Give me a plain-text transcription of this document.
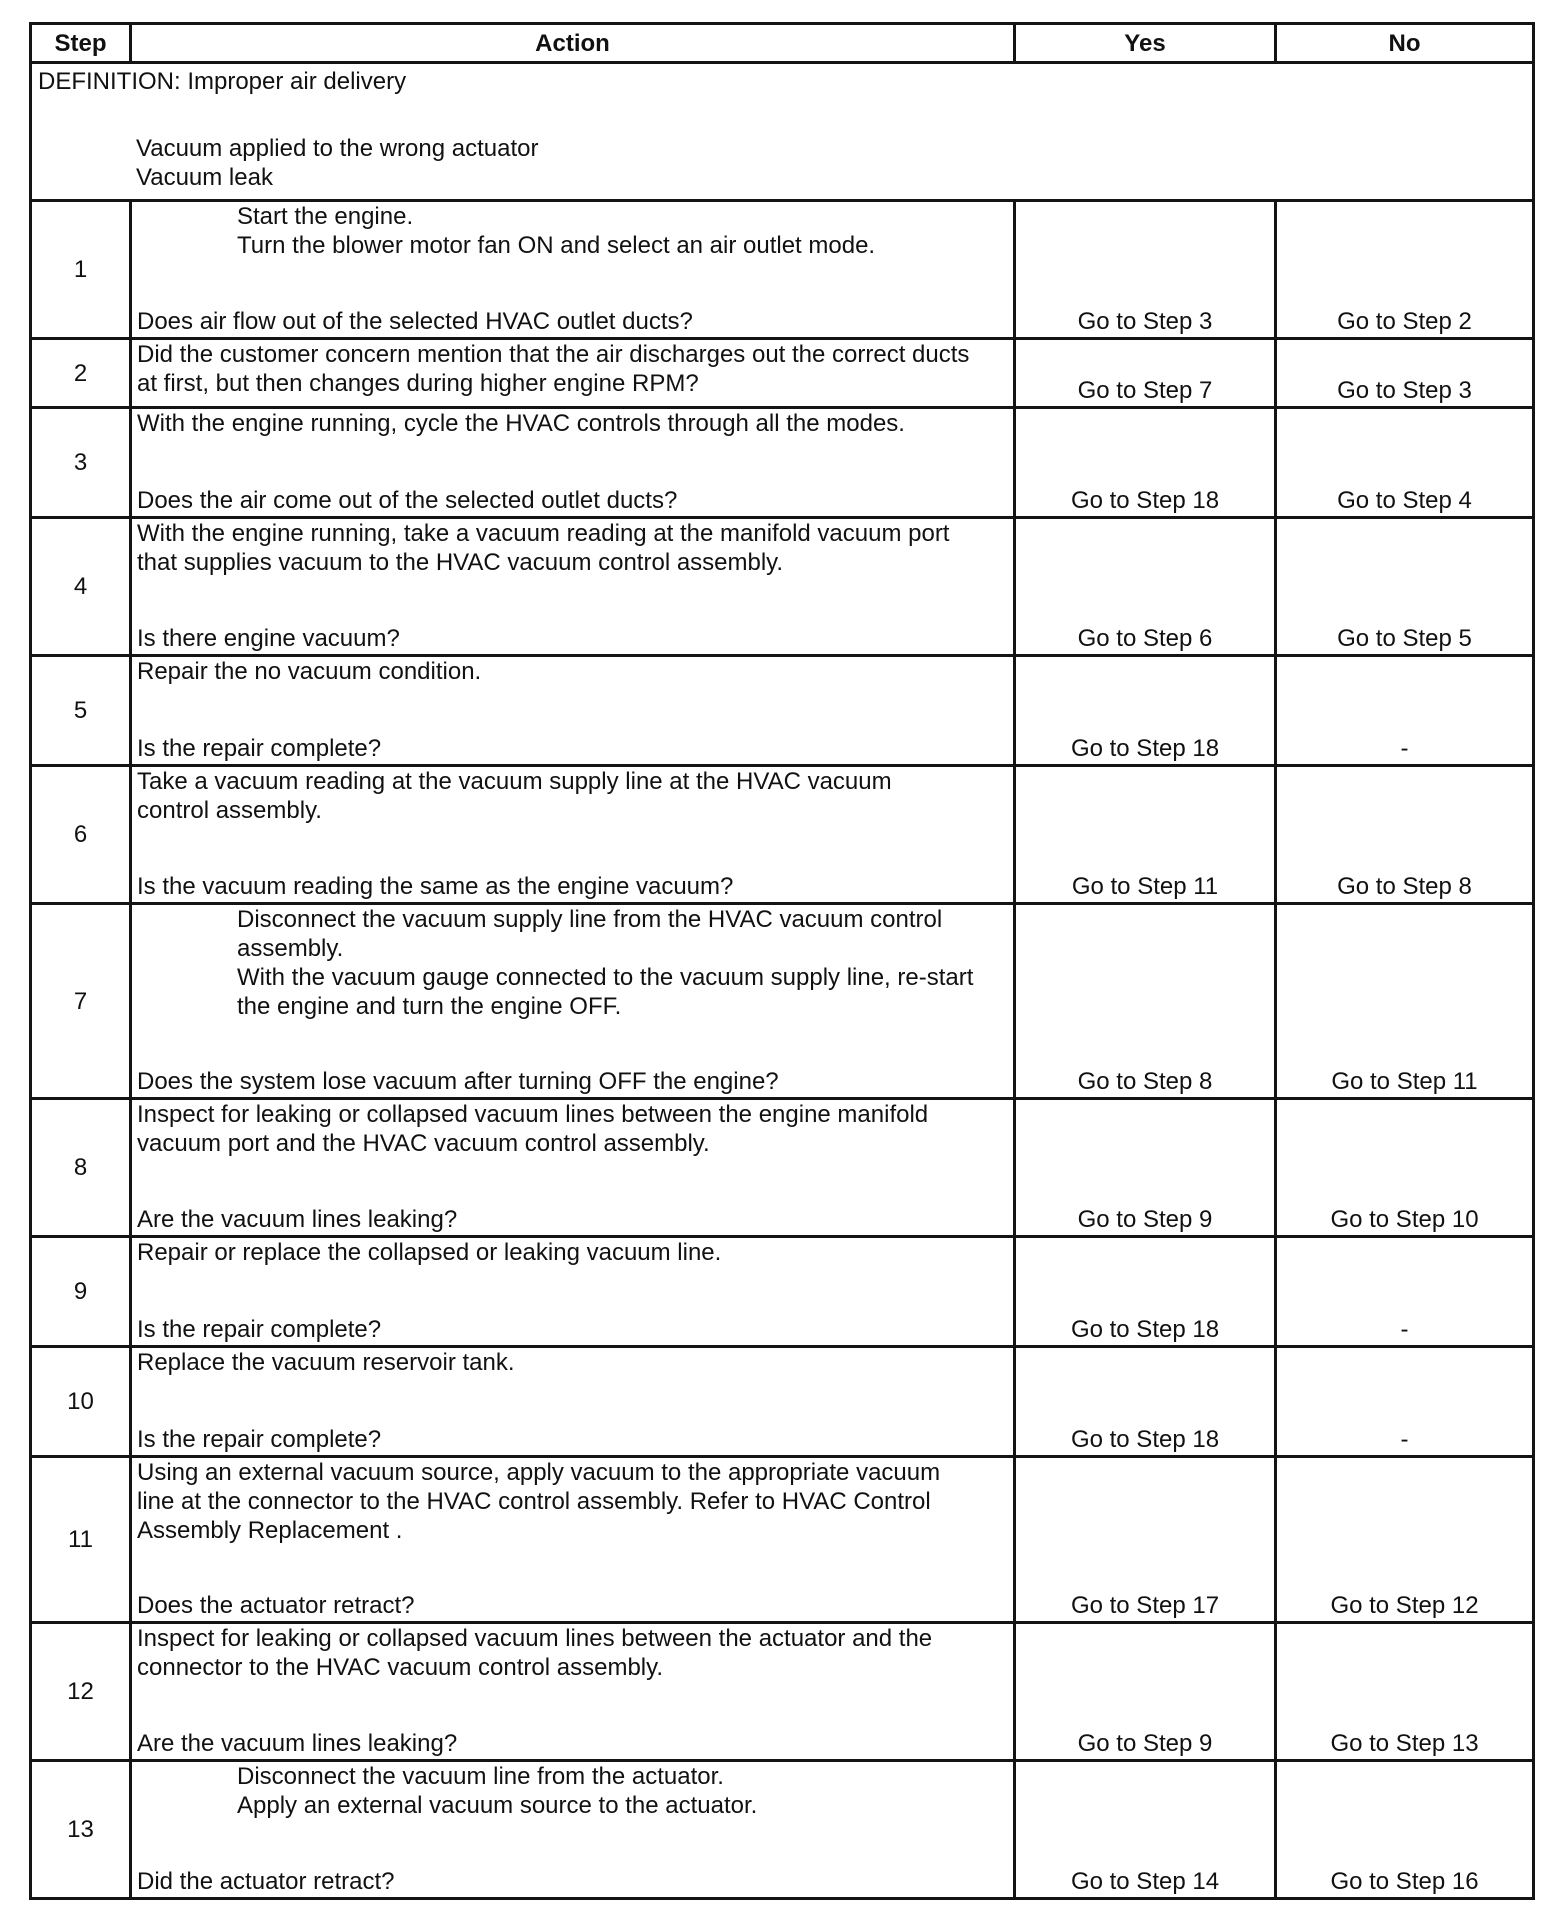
Step	Action	Yes	No

DEFINITION: Improper air delivery
Vacuum applied to the wrong actuator
Vacuum leak			

1	Start the engine.
Turn the blower motor fan ON and select an air outlet mode.
Does air flow out of the selected HVAC outlet ducts?	Go to Step 3	Go to Step 2
2	Did the customer concern mention that the air discharges out the correct ducts
at first, but then changes during higher engine RPM?	Go to Step 7	Go to Step 3
3	With the engine running, cycle the HVAC controls through all the modes.
Does the air come out of the selected outlet ducts?	Go to Step 18	Go to Step 4
4	With the engine running, take a vacuum reading at the manifold vacuum port
that supplies vacuum to the HVAC vacuum control assembly.
Is there engine vacuum?	Go to Step 6	Go to Step 5
5	Repair the no vacuum condition.
Is the repair complete?	Go to Step 18	-
6	Take a vacuum reading at the vacuum supply line at the HVAC vacuum
control assembly.
Is the vacuum reading the same as the engine vacuum?	Go to Step 11	Go to Step 8
7	Disconnect the vacuum supply line from the HVAC vacuum control
assembly.
With the vacuum gauge connected to the vacuum supply line, re-start
the engine and turn the engine OFF.
Does the system lose vacuum after turning OFF the engine?	Go to Step 8	Go to Step 11
8	Inspect for leaking or collapsed vacuum lines between the engine manifold
vacuum port and the HVAC vacuum control assembly.
Are the vacuum lines leaking?	Go to Step 9	Go to Step 10
9	Repair or replace the collapsed or leaking vacuum line.
Is the repair complete?	Go to Step 18	-
10	Replace the vacuum reservoir tank.
Is the repair complete?	Go to Step 18	-
11	Using an external vacuum source, apply vacuum to the appropriate vacuum
line at the connector to the HVAC control assembly. Refer to HVAC Control
Assembly Replacement .
Does the actuator retract?	Go to Step 17	Go to Step 12
12	Inspect for leaking or collapsed vacuum lines between the actuator and the
connector to the HVAC vacuum control assembly.
Are the vacuum lines leaking?	Go to Step 9	Go to Step 13
13	Disconnect the vacuum line from the actuator.
Apply an external vacuum source to the actuator.
Did the actuator retract?	Go to Step 14	Go to Step 16
